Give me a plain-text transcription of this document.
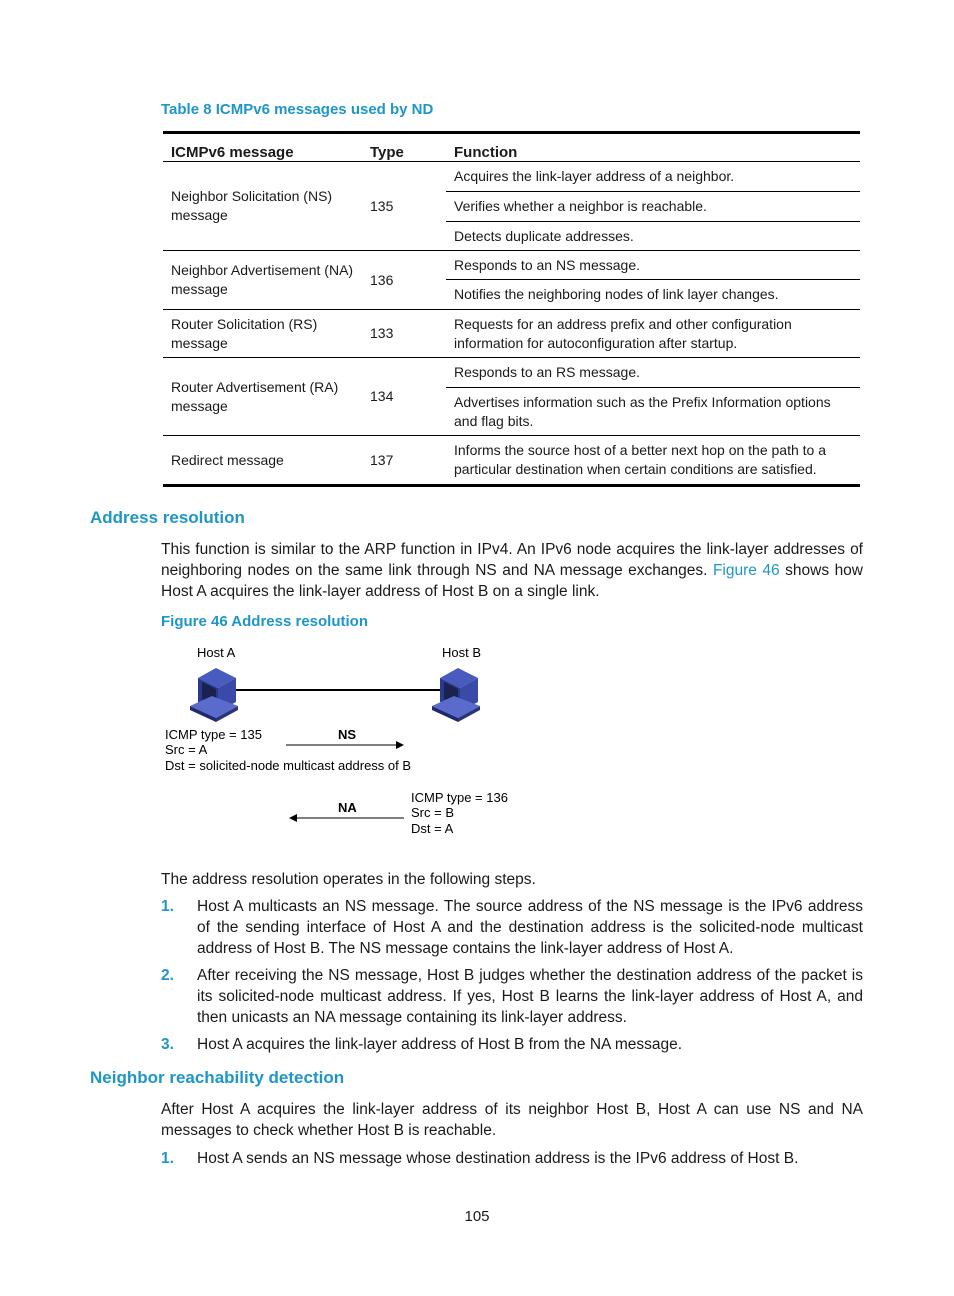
Table 8 ICMPv6 messages used by ND
ICMPv6 message	Type	Function
Neighbor Solicitation (NS) message	135	Acquires the link-layer address of a neighbor.
		Verifies whether a neighbor is reachable.
		Detects duplicate addresses.
Neighbor Advertisement (NA) message	136	Responds to an NS message.
		Notifies the neighboring nodes of link layer changes.
Router Solicitation (RS) message	133	Requests for an address prefix and other configuration information for autoconfiguration after startup.
Router Advertisement (RA) message	134	Responds to an RS message.
		Advertises information such as the Prefix Information options and flag bits.
Redirect message	137	Informs the source host of a better next hop on the path to a particular destination when certain conditions are satisfied.
Address resolution
This function is similar to the ARP function in IPv4. An IPv6 node acquires the link-layer addresses of neighboring nodes on the same link through NS and NA message exchanges. Figure 46 shows how Host A acquires the link-layer address of Host B on a single link.
Figure 46 Address resolution
Host A	Host B
ICMP type = 135
Src = A
Dst = solicited-node multicast address of B
NS
ICMP type = 136
Src = B
Dst = A
NA
The address resolution operates in the following steps.
1. Host A multicasts an NS message. The source address of the NS message is the IPv6 address of the sending interface of Host A and the destination address is the solicited-node multicast address of Host B. The NS message contains the link-layer address of Host A.
2. After receiving the NS message, Host B judges whether the destination address of the packet is its solicited-node multicast address. If yes, Host B learns the link-layer address of Host A, and then unicasts an NA message containing its link-layer address.
3. Host A acquires the link-layer address of Host B from the NA message.
Neighbor reachability detection
After Host A acquires the link-layer address of its neighbor Host B, Host A can use NS and NA messages to check whether Host B is reachable.
1. Host A sends an NS message whose destination address is the IPv6 address of Host B.
105
